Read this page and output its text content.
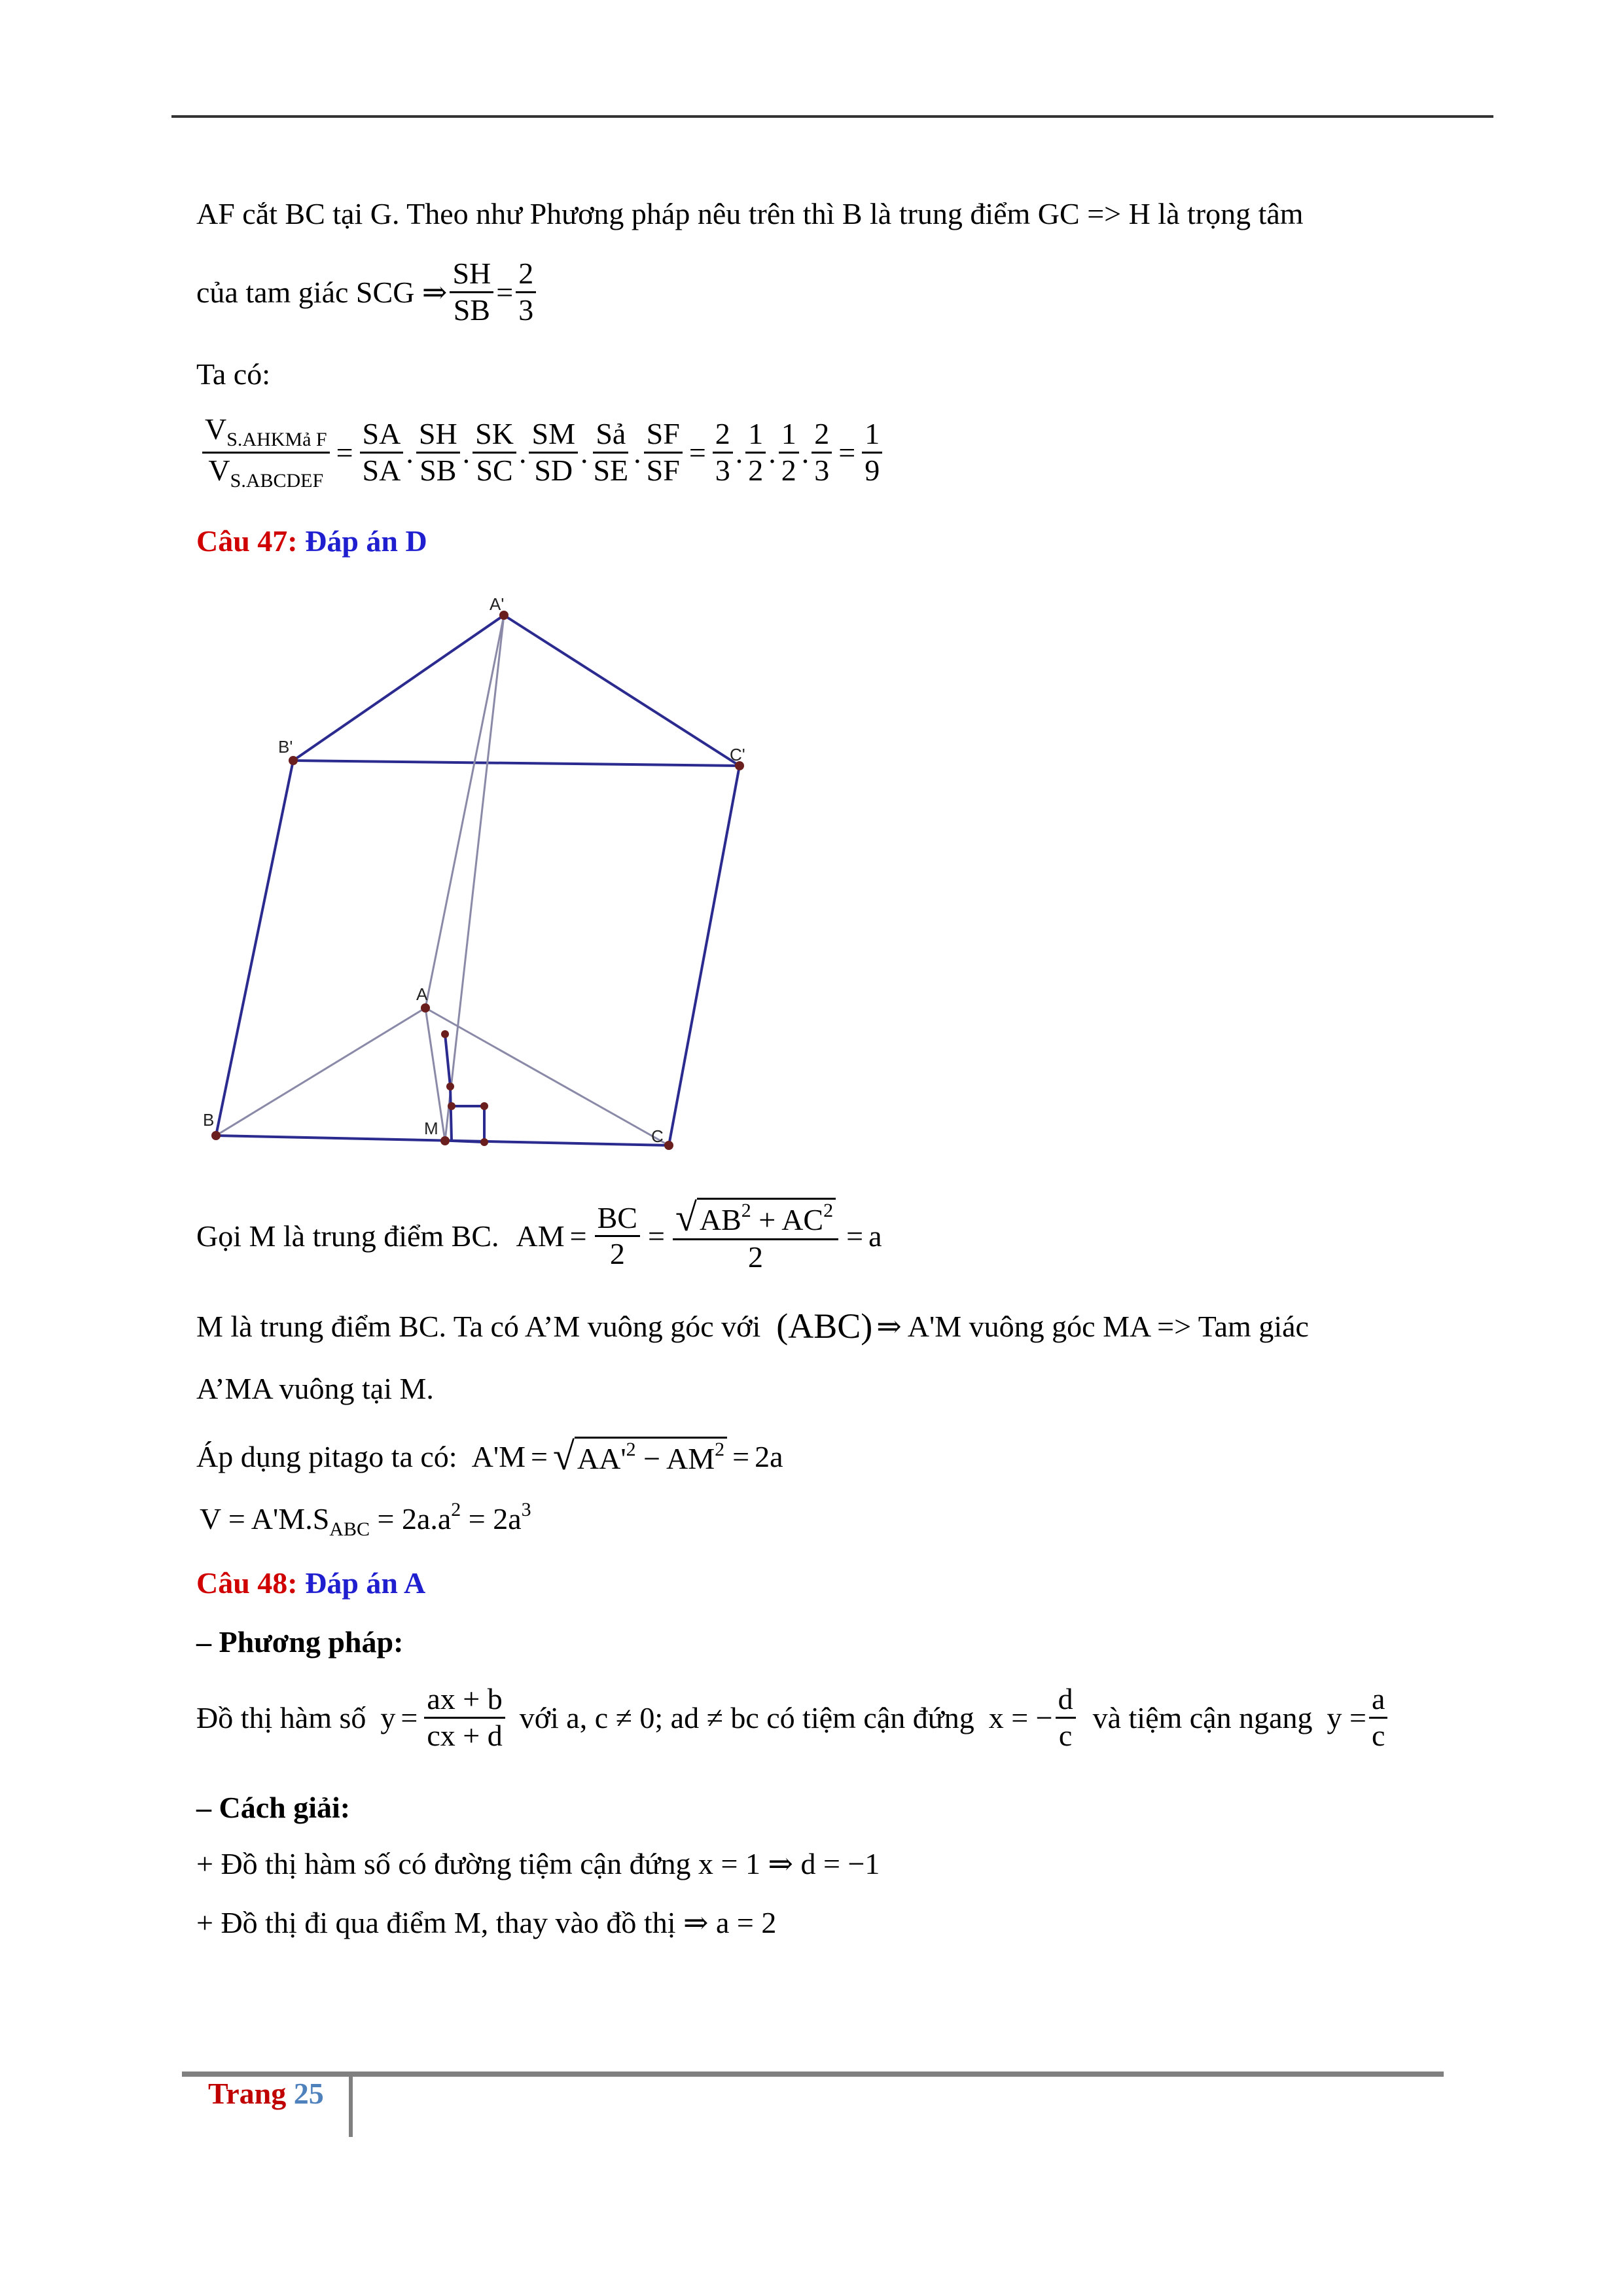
AF cắt BC tại G. Theo như Phương pháp nêu trên thì B là trung điểm GC => H là trọng tâm
của tam giác SCG ⇒ $\frac{SH}{SB} = \frac{2}{3}$
Ta có:
$\frac{V_{S.AHKMả F}}{V_{S.ABCDEF}} = \frac{SA}{SA}$ . $\frac{SH}{SB}$ . $\frac{SK}{SC}$ . $\frac{SM}{SD}$ . $\frac{\text{Sả}}{SE}$ . $\frac{SF}{SF} = \frac{2}{3}$ . $\frac{1}{2}$ . $\frac{1}{2}$ . $\frac{2}{3} = \frac{1}{9}$
Câu 47: Đáp án D
A'
B'	C'
A
B
C
M
Gọi M là trung điểm BC. AM = $\frac{BC}{2} = \frac{√ AB^2 + AC^2}{2} = a$
M là trung điểm BC. Ta có A’M vuông góc với (ABC) ⇒ A'M vuông góc MA => Tam giác
A’MA vuông tại M.
Áp dụng pitago ta có: A'M = √ $AA'^2 - AM^2 = 2a$
$V = A'M.S_{ABC} = 2a.a^2 = 2a^3$
Câu 48: Đáp án A
– Phương pháp:
Đồ thị hàm số $y = \frac{ax + b}{cx + d}$ với a, c ≠ 0; ad ≠ bc có tiệm cận đứng x = − $\frac{d}{c}$ và tiệm cận ngang $y = \frac{a}{c}$
– Cách giải:
+ Đồ thị hàm số có đường tiệm cận đứng x = 1 ⇒ d = −1
+ Đồ thị đi qua điểm M, thay vào đồ thị ⇒ a = 2
Trang 25
